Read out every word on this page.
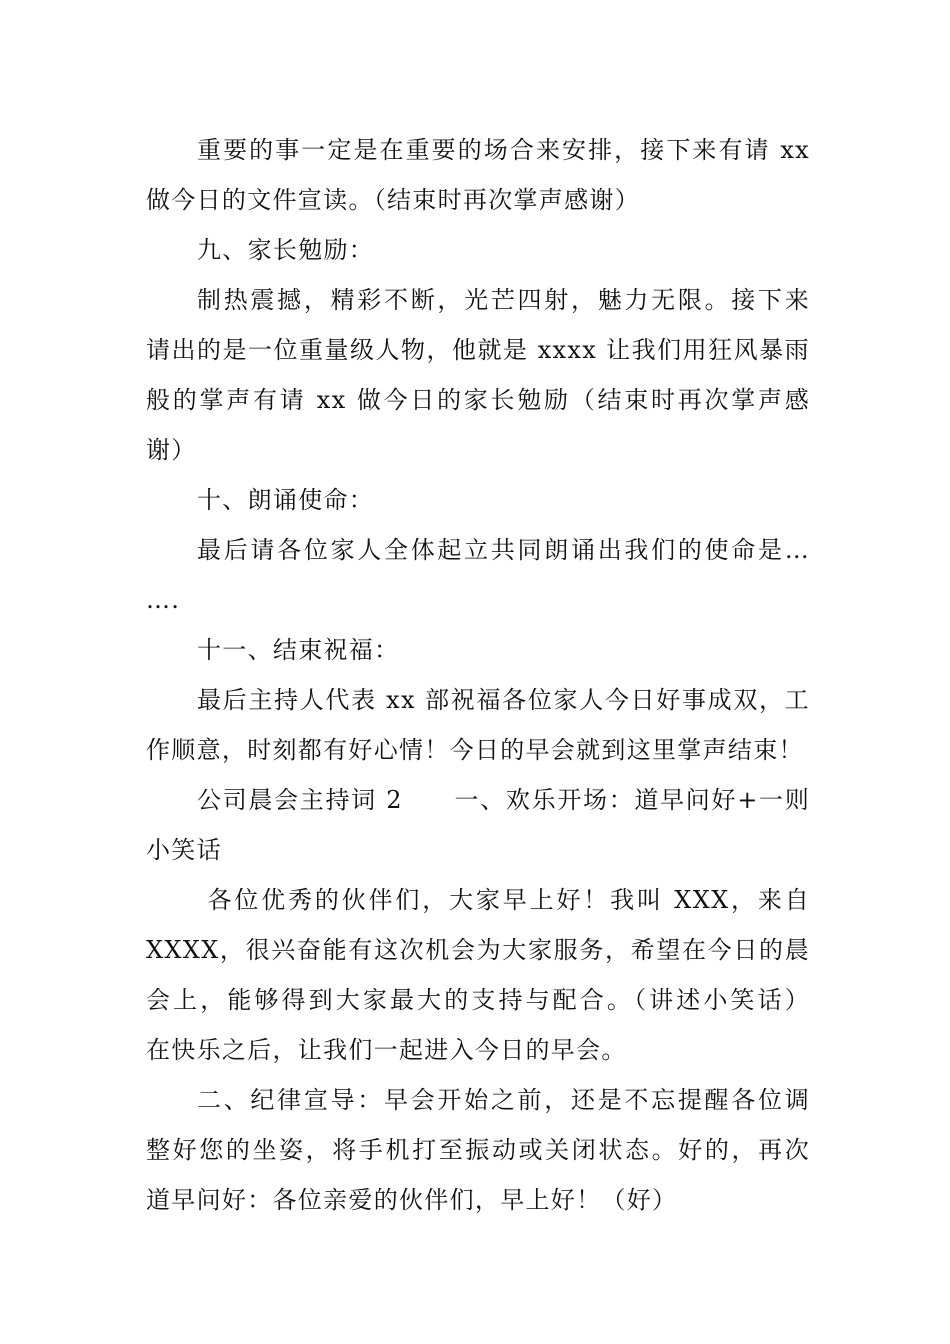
重要的事一定是在重要的场合来安排，接下来有请 xx
做今日的文件宣读。（结束时再次掌声感谢）
九、家长勉励：
制热震撼，精彩不断，光芒四射，魅力无限。接下来
请出的是一位重量级人物，他就是 xxxx 让我们用狂风暴雨
般的掌声有请 xx 做今日的家长勉励（结束时再次掌声感
谢）
十、朗诵使命：
最后请各位家人全体起立共同朗诵出我们的使命是…
….
十一、结束祝福：
最后主持人代表 xx 部祝福各位家人今日好事成双，工
作顺意，时刻都有好心情！今日的早会就到这里掌声结束！
公司晨会主持词 2　　一、欢乐开场：道早问好+一则
小笑话
各位优秀的伙伴们，大家早上好！我叫 XXX，来自
XXXX，很兴奋能有这次机会为大家服务，希望在今日的晨
会上，能够得到大家最大的支持与配合。（讲述小笑话）
在快乐之后，让我们一起进入今日的早会。
二、纪律宣导：早会开始之前，还是不忘提醒各位调
整好您的坐姿，将手机打至振动或关闭状态。好的，再次
道早问好：各位亲爱的伙伴们，早上好！（好）
